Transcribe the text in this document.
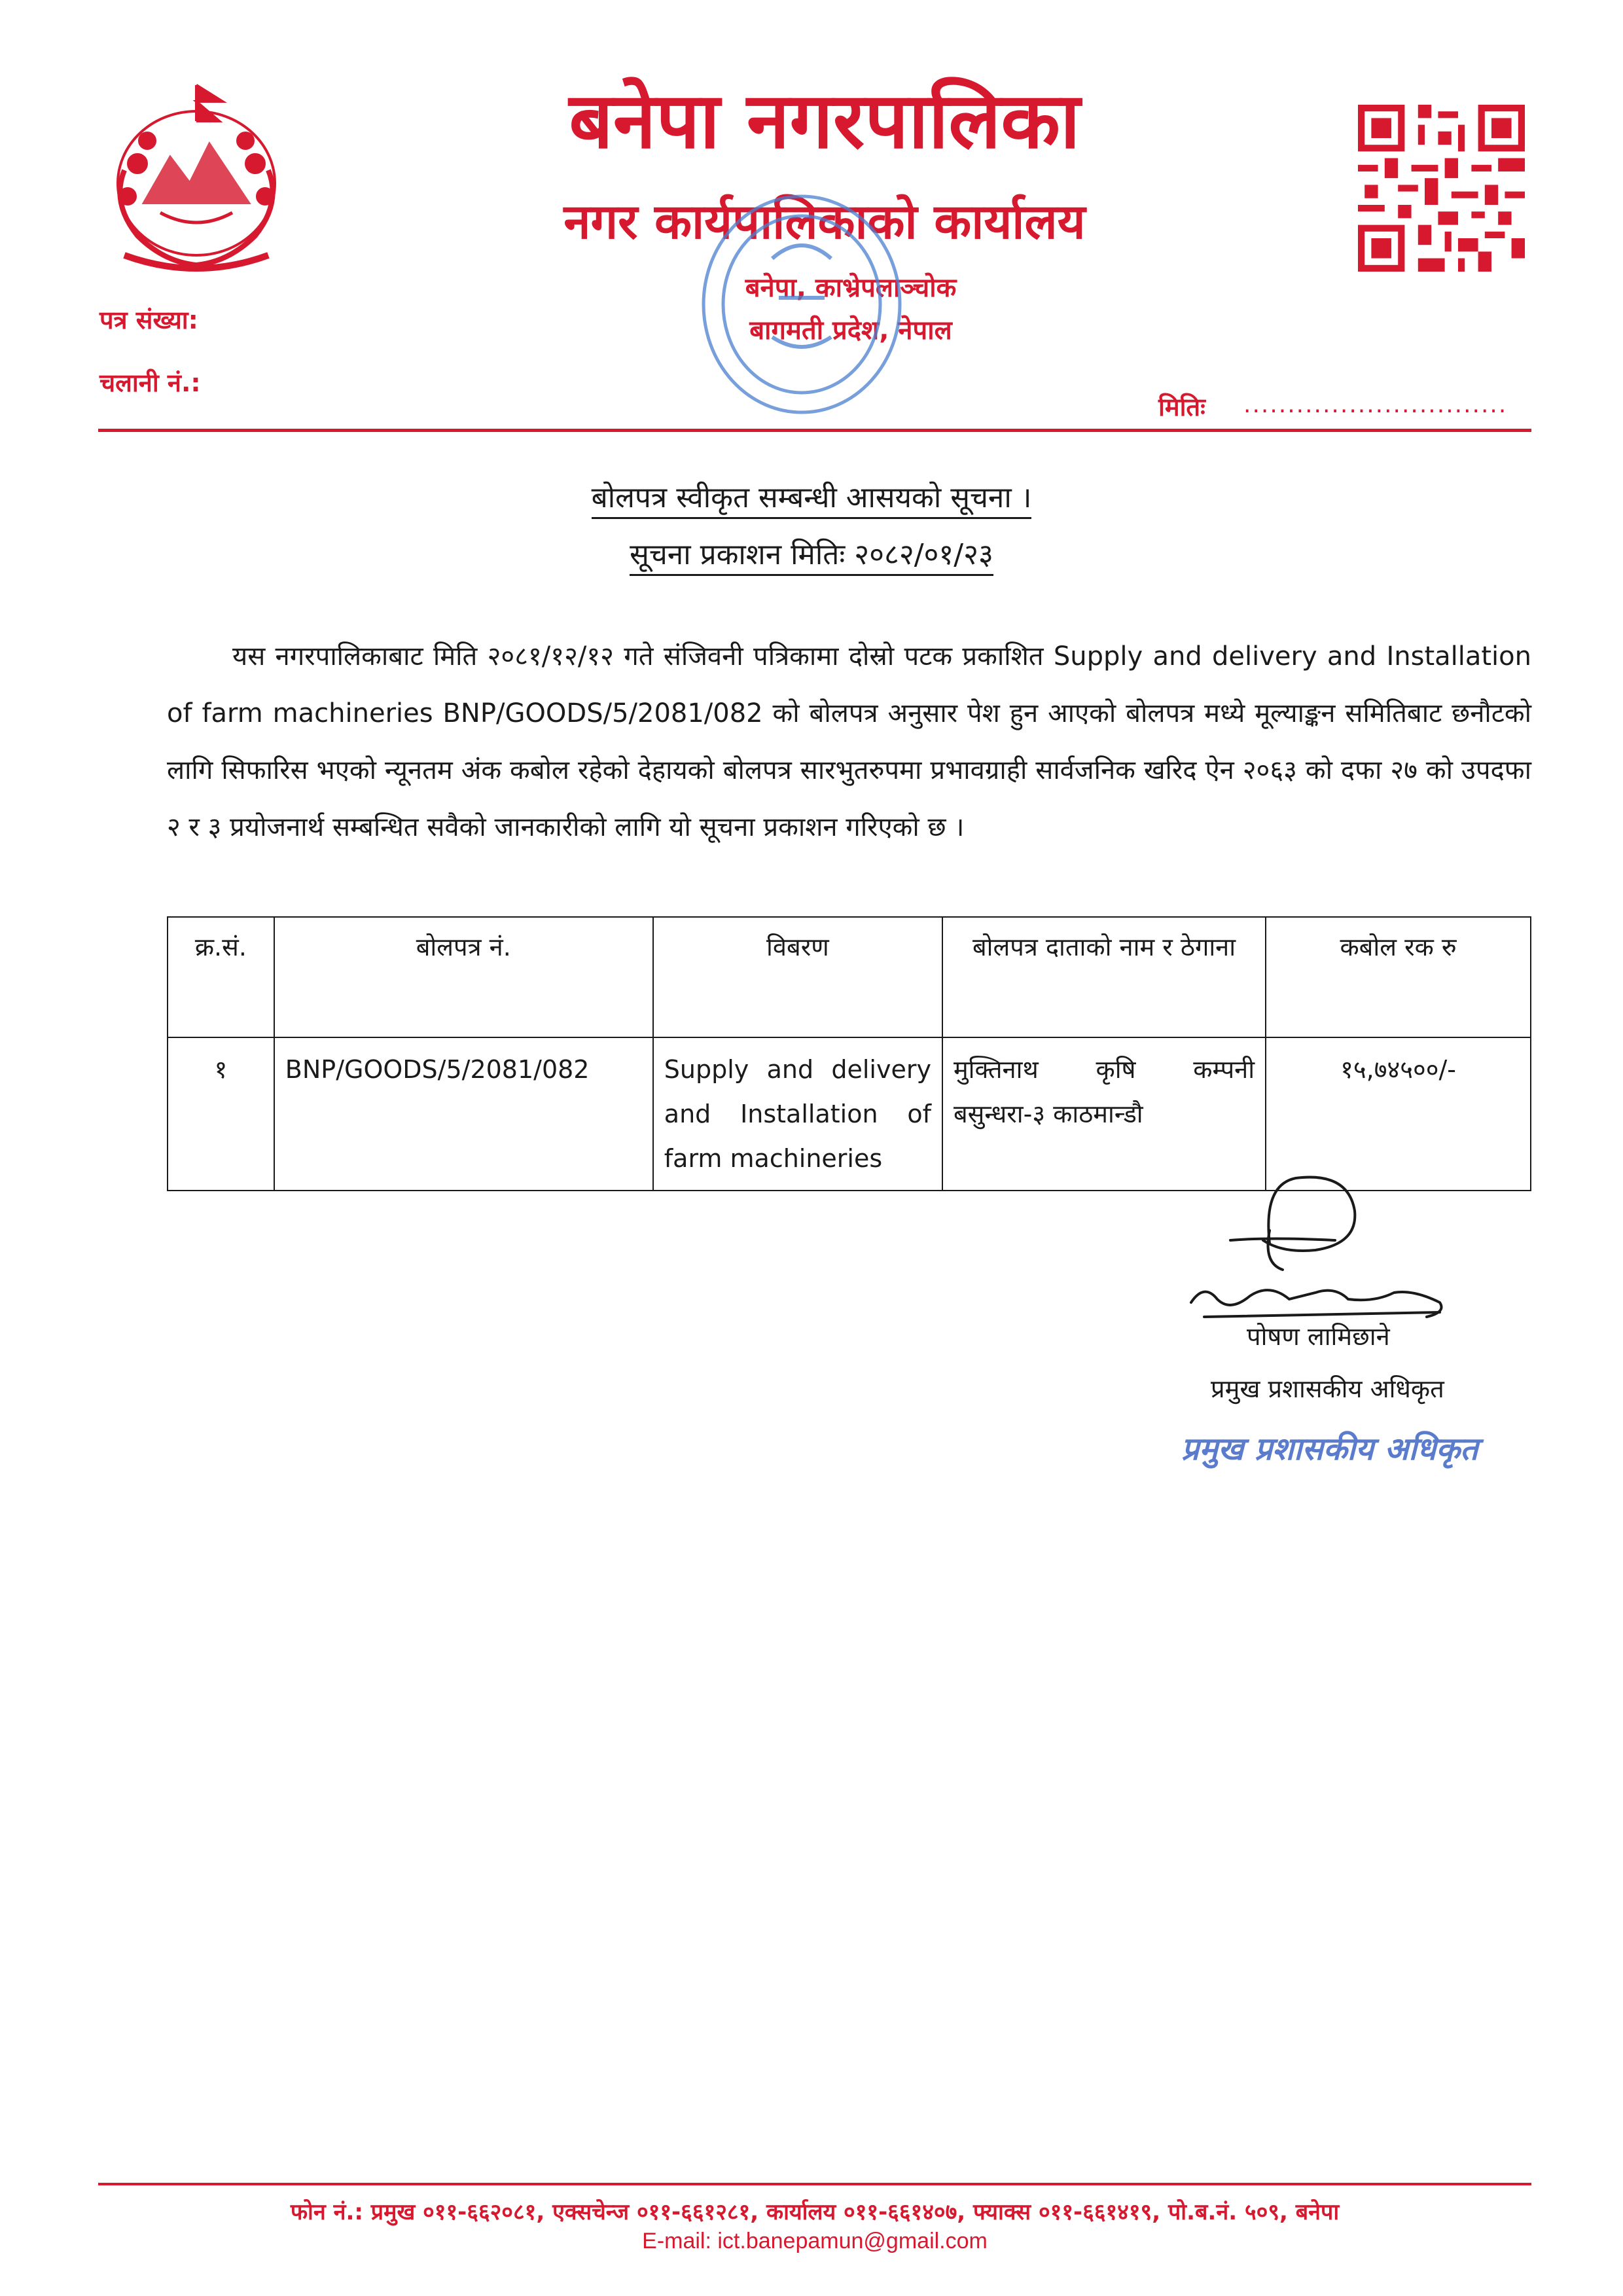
बनेपा नगरपालिका
नगर कार्यपालिकाको कार्यालय
बनेपा, काभ्रेपलाञ्चोक
बागमती प्रदेश, नेपाल
पत्र संख्या:
चलानी नं.:
मितिः ..............................
बोलपत्र स्वीकृत सम्बन्धी आसयको सूचना ।
सूचना प्रकाशन मितिः २०८२/०१/२३
यस नगरपालिकाबाट मिति २०८१/१२/१२ गते संजिवनी पत्रिकामा दोस्रो पटक प्रकाशित Supply and delivery and Installation of farm machineries BNP/GOODS/5/2081/082 को बोलपत्र अनुसार पेश हुन आएको बोलपत्र मध्ये मूल्याङ्कन समितिबाट छनौटको लागि सिफारिस भएको न्यूनतम अंक कबोल रहेको देहायको बोलपत्र सारभुतरुपमा प्रभावग्राही सार्वजनिक खरिद ऐन २०६३ को दफा २७ को उपदफा २ र ३ प्रयोजनार्थ सम्बन्धित सवैको जानकारीको लागि यो सूचना प्रकाशन गरिएको छ ।
क्र.सं.	बोलपत्र नं.	विबरण	बोलपत्र दाताको नाम र ठेगाना	कबोल रक रु
१	BNP/GOODS/5/2081/082	Supply and delivery and Installation of farm machineries	मुक्तिनाथ कृषि कम्पनी बसुन्धरा-३ काठमान्डौ	१५,७४५००/-
पोषण लामिछाने
प्रमुख प्रशासकीय अधिकृत
प्रमुख प्रशासकीय अधिकृत
फोन नं.: प्रमुख ०११-६६२०८१, एक्सचेन्ज ०११-६६१२८१, कार्यालय ०११-६६१४०७, फ्याक्स ०११-६६१४१९, पो.ब.नं. ५०९, बनेपा
E-mail: ict.banepamun@gmail.com
